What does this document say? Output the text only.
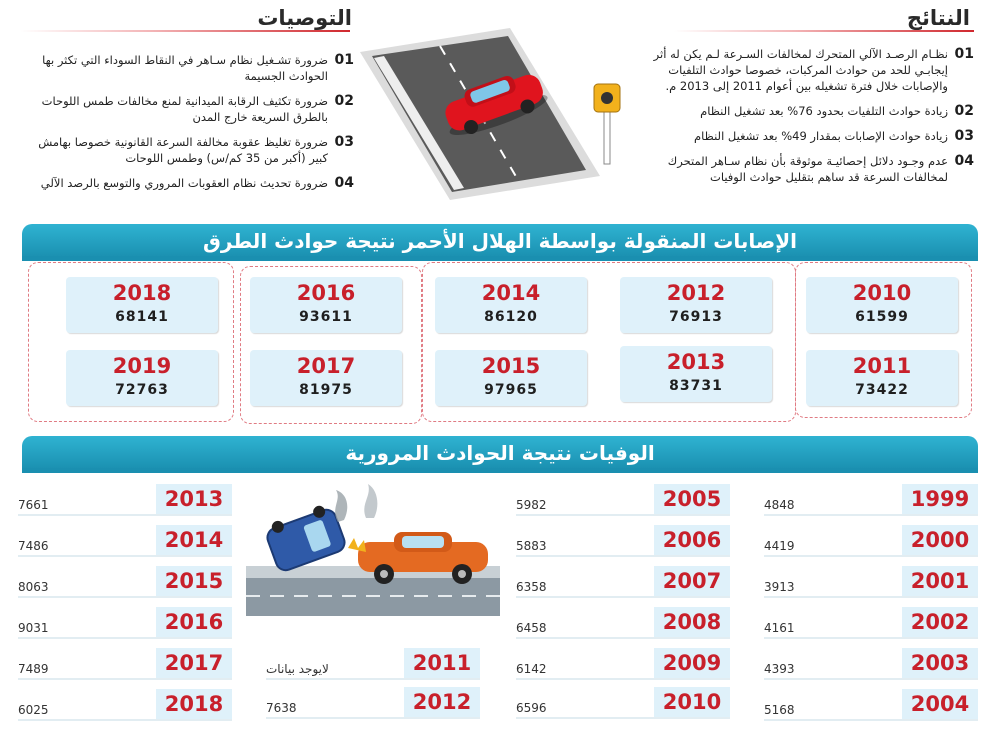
النتائج
01
نظـام الرصـد الآلي المتحرك لمخالفات السـرعة لـم يكن له أثر إيجابـي للحد من حوادث المركبات، خصوصا حوادث التلفيات والإصابات خلال فترة تشغيله بين أعوام 2011 إلى 2013 م.
02
زيادة حوادث التلفيات بحدود 76% بعد تشغيل النظام
03
زيادة حوادث الإصابات بمقدار 49% بعد تشغيل النظام
04
عدم وجـود دلائل إحصائيـة موثوقة بأن نظام سـاهر المتحرك لمخالفات السرعة قد ساهم بتقليل حوادث الوفيات
التوصيات
01
ضرورة تشـغيل نظام سـاهر في النقاط السوداء التي تكثر بها الحوادث الجسيمة
02
ضرورة تكثيف الرقابة الميدانية لمنع مخالفات طمس اللوحات بالطرق السريعة خارج المدن
03
ضرورة تغليظ عقوبة مخالفة السرعة القانونية خصوصا بهامش كبير (أكبر من 35 كم/س) وطمس اللوحات
04
ضرورة تحديث نظام العقوبات المروري والتوسع بالرصد الآلي
الإصابات المنقولة بواسطة الهلال الأحمر نتيجة حوادث الطرق
2010
61599
2011
73422
2012
76913
2013
83731
2014
86120
2015
97965
2016
93611
2017
81975
2018
68141
2019
72763
الوفيات نتيجة الحوادث المرورية
1999
4848
2000
4419
2001
3913
2002
4161
2003
4393
2004
5168
2005
5982
2006
5883
2007
6358
2008
6458
2009
6142
2010
6596
2011
لايوجد بيانات
2012
7638
2013
7661
2014
7486
2015
8063
2016
9031
2017
7489
2018
6025
